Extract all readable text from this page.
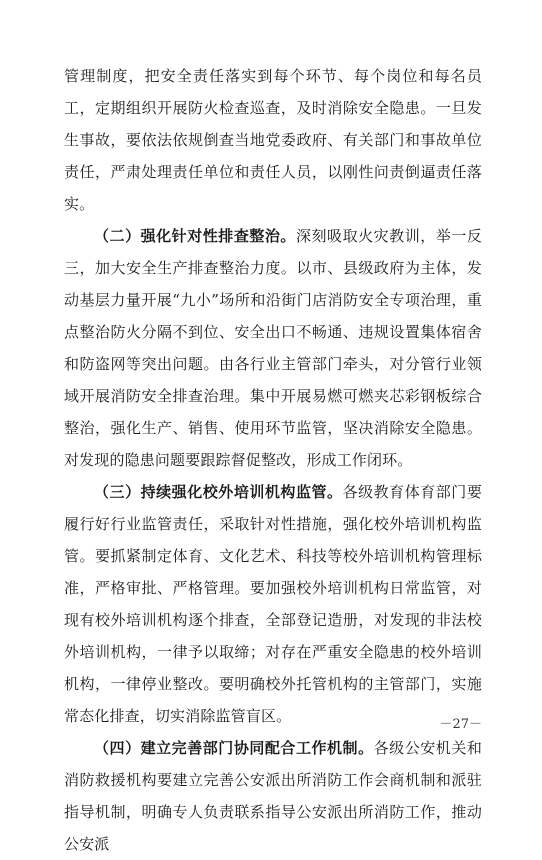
管理制度，把安全责任落实到每个环节、每个岗位和每名员工，定期组织开展防火检查巡查，及时消除安全隐患。一旦发生事故，要依法依规倒查当地党委政府、有关部门和事故单位责任，严肃处理责任单位和责任人员，以刚性问责倒逼责任落实。

（二）强化针对性排查整治。深刻吸取火灾教训，举一反三，加大安全生产排查整治力度。以市、县级政府为主体，发动基层力量开展“九小”场所和沿街门店消防安全专项治理，重点整治防火分隔不到位、安全出口不畅通、违规设置集体宿舍和防盗网等突出问题。由各行业主管部门牵头，对分管行业领域开展消防安全排查治理。集中开展易燃可燃夹芯彩钢板综合整治，强化生产、销售、使用环节监管，坚决消除安全隐患。对发现的隐患问题要跟踪督促整改，形成工作闭环。

（三）持续强化校外培训机构监管。各级教育体育部门要履行好行业监管责任，采取针对性措施，强化校外培训机构监管。要抓紧制定体育、文化艺术、科技等校外培训机构管理标准，严格审批、严格管理。要加强校外培训机构日常监管，对现有校外培训机构逐个排查，全部登记造册，对发现的非法校外培训机构，一律予以取缔；对存在严重安全隐患的校外培训机构，一律停业整改。要明确校外托管机构的主管部门，实施常态化排查，切实消除监管盲区。

（四）建立完善部门协同配合工作机制。各级公安机关和消防救援机构要建立完善公安派出所消防工作会商机制和派驻指导机制，明确专人负责联系指导公安派出所消防工作，推动公安派

－27－
